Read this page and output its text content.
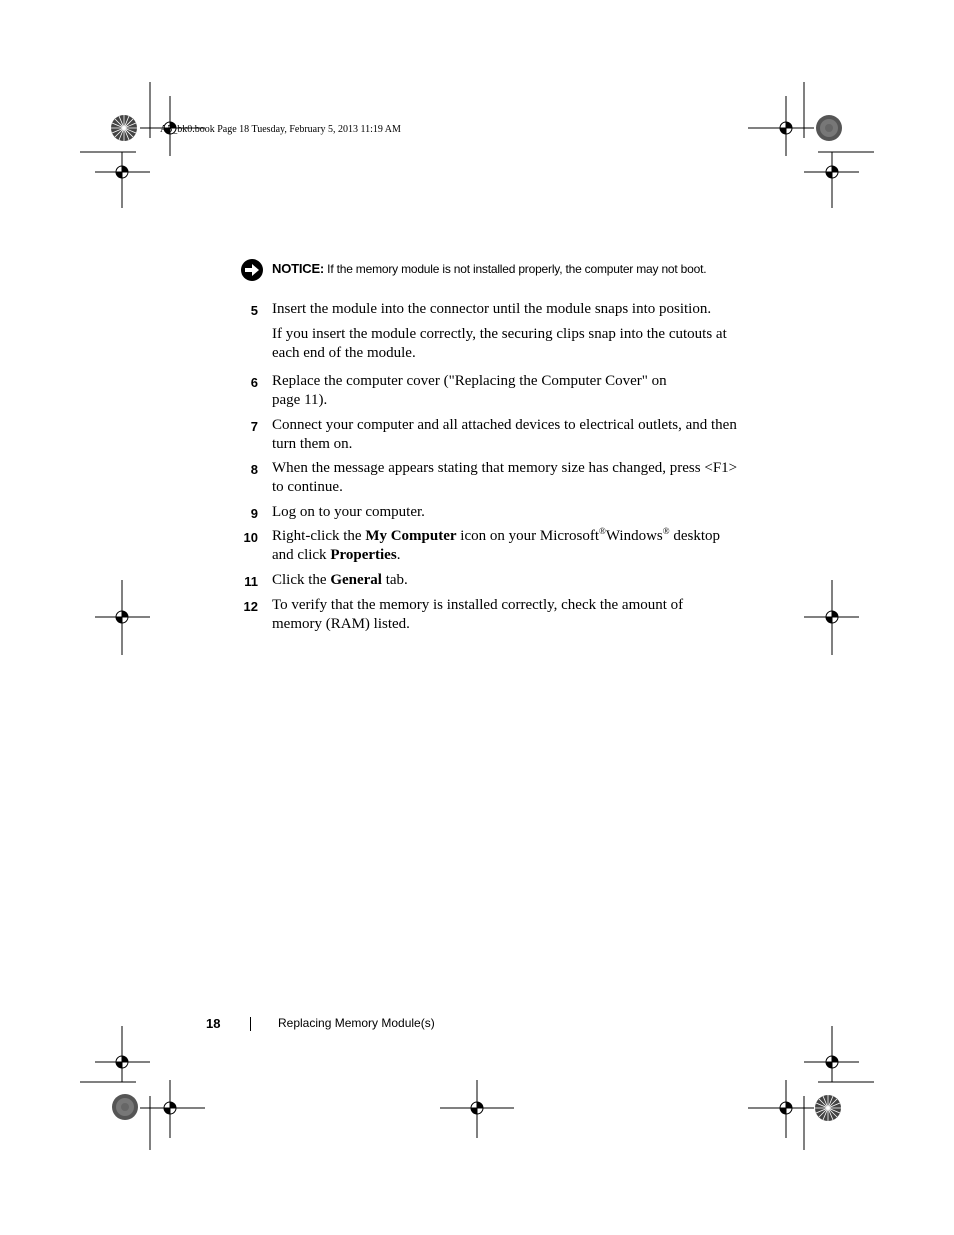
A5_bk0.book Page 18 Tuesday, February 5, 2013 11:19 AM
NOTICE: If the memory module is not installed properly, the computer may not boot.
5 Insert the module into the connector until the module snaps into position.
If you insert the module correctly, the securing clips snap into the cutouts at each end of the module.
6 Replace the computer cover ("Replacing the Computer Cover" on page 11).
7 Connect your computer and all attached devices to electrical outlets, and then turn them on.
8 When the message appears stating that memory size has changed, press <F1> to continue.
9 Log on to your computer.
10 Right-click the My Computer icon on your Microsoft®Windows® desktop and click Properties.
11 Click the General tab.
12 To verify that the memory is installed correctly, check the amount of memory (RAM) listed.
18	Replacing Memory Module(s)
